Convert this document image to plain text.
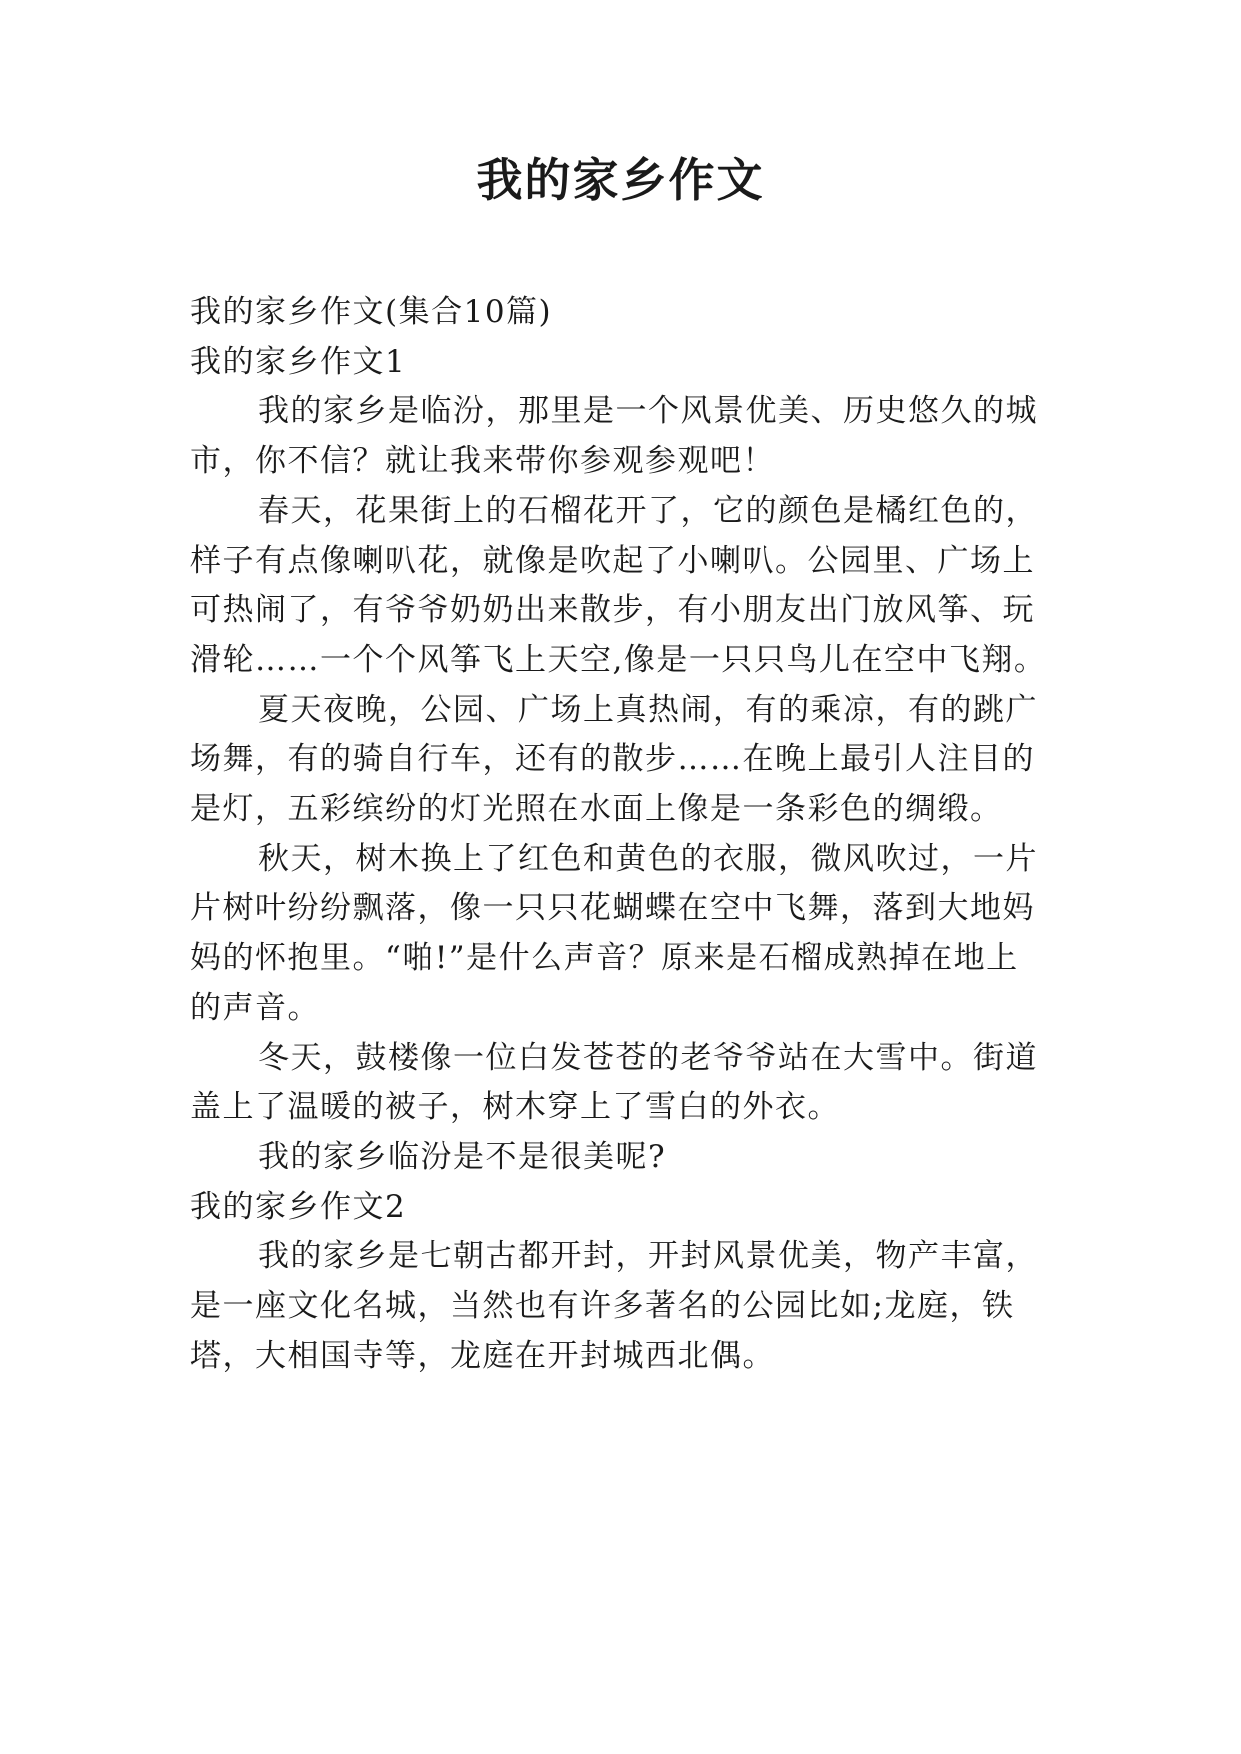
我的家乡作文

我的家乡作文(集合10篇)

我的家乡作文1

我的家乡是临汾，那里是一个风景优美、历史悠久的城

市，你不信？就让我来带你参观参观吧！

春天，花果街上的石榴花开了，它的颜色是橘红色的，

样子有点像喇叭花，就像是吹起了小喇叭。公园里、广场上

可热闹了，有爷爷奶奶出来散步，有小朋友出门放风筝、玩

滑轮……一个个风筝飞上天空,像是一只只鸟儿在空中飞翔。

夏天夜晚，公园、广场上真热闹，有的乘凉，有的跳广

场舞，有的骑自行车，还有的散步……在晚上最引人注目的

是灯，五彩缤纷的灯光照在水面上像是一条彩色的绸缎。

秋天，树木换上了红色和黄色的衣服，微风吹过，一片

片树叶纷纷飘落，像一只只花蝴蝶在空中飞舞，落到大地妈

妈的怀抱里。“啪!”是什么声音？原来是石榴成熟掉在地上

的声音。

冬天，鼓楼像一位白发苍苍的老爷爷站在大雪中。街道

盖上了温暖的被子，树木穿上了雪白的外衣。

我的家乡临汾是不是很美呢?

我的家乡作文2

我的家乡是七朝古都开封，开封风景优美，物产丰富，

是一座文化名城，当然也有许多著名的公园比如;龙庭，铁

塔，大相国寺等，龙庭在开封城西北偶。
